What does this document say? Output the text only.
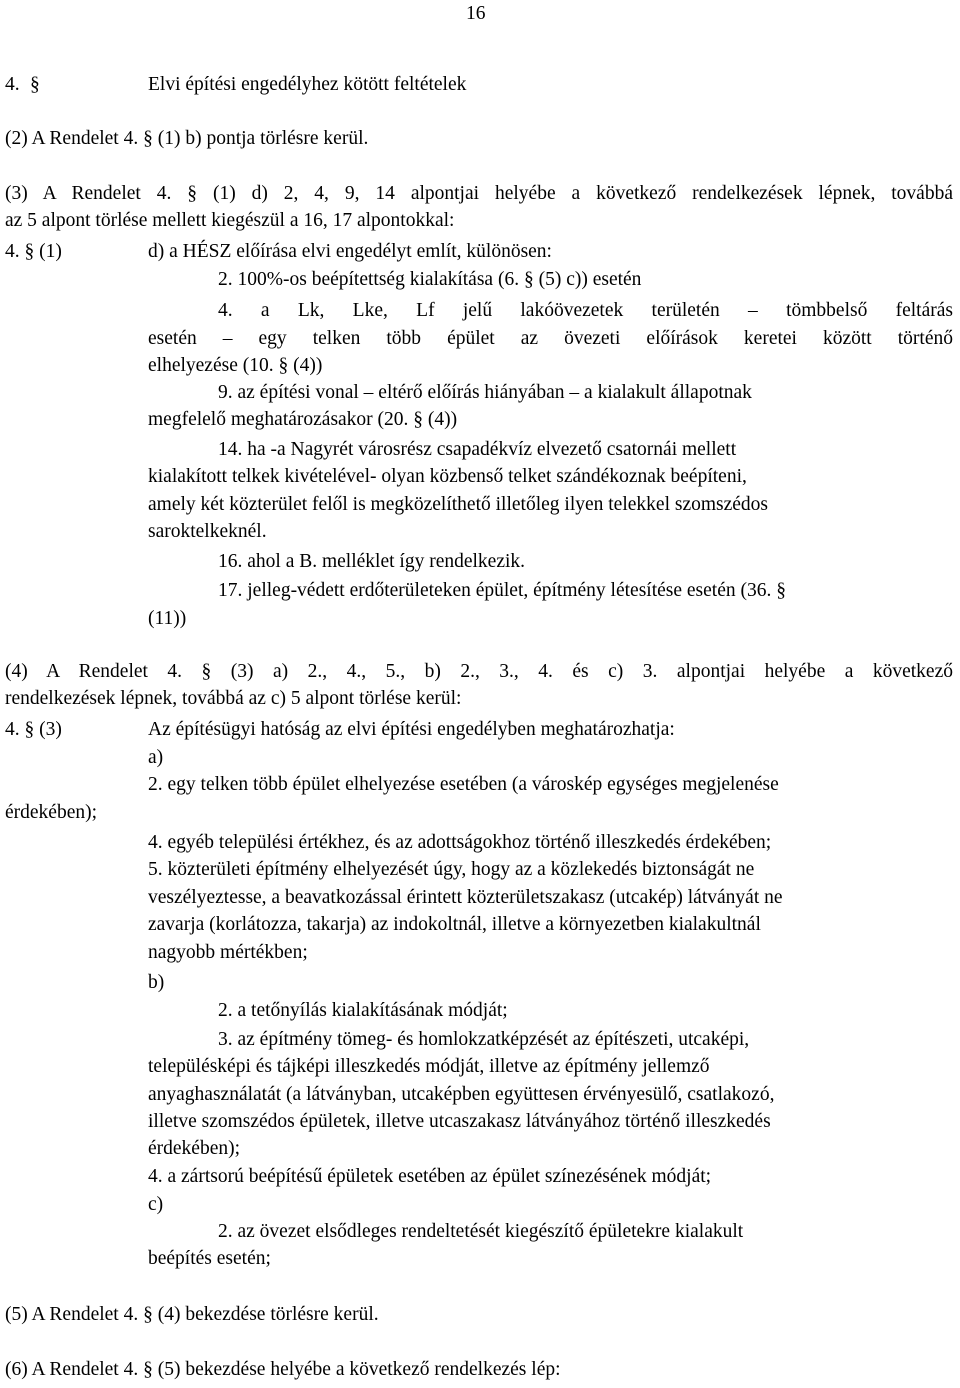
16
4. §	Elvi építési engedélyhez kötött feltételek
(2) A Rendelet 4. § (1) b) pontja törlésre kerül.
(3) A Rendelet 4. § (1) d) 2, 4, 9, 14 alpontjai helyébe a következő rendelkezések lépnek, továbbá
az 5 alpont törlése mellett kiegészül a 16, 17 alpontokkal:
4. § (1)	d) a HÉSZ előírása elvi engedélyt említ, különösen:
2. 100%-os beépítettség kialakítása (6. § (5) c)) esetén
4. a Lk, Lke, Lf jelű lakóövezetek területén – tömbbelső feltárás
esetén – egy telken több épület az övezeti előírások keretei között történő
elhelyezése (10. § (4))
9. az építési vonal – eltérő előírás hiányában – a kialakult állapotnak
megfelelő meghatározásakor (20. § (4))
14. ha -a Nagyrét városrész csapadékvíz elvezető csatornái mellett
kialakított telkek kivételével- olyan közbenső telket szándékoznak beépíteni,
amely két közterület felől is megközelíthető illetőleg ilyen telekkel szomszédos
saroktelkeknél.
16. ahol a B. melléklet így rendelkezik.
17. jelleg-védett erdőterületeken épület, építmény létesítése esetén (36. §
(11))
(4) A Rendelet 4. § (3) a) 2., 4., 5., b) 2., 3., 4. és c) 3. alpontjai helyébe a következő
rendelkezések lépnek, továbbá az c) 5 alpont törlése kerül:
4. § (3)	Az építésügyi hatóság az elvi építési engedélyben meghatározhatja:
a)
2. egy telken több épület elhelyezése esetében (a városkép egységes megjelenése
érdekében);
4. egyéb települési értékhez, és az adottságokhoz történő illeszkedés érdekében;
5. közterületi építmény elhelyezését úgy, hogy az a közlekedés biztonságát ne
veszélyeztesse, a beavatkozással érintett közterületszakasz (utcakép) látványát ne
zavarja (korlátozza, takarja) az indokoltnál, illetve a környezetben kialakultnál
nagyobb mértékben;
b)
2. a tetőnyílás kialakításának módját;
3. az építmény tömeg- és homlokzatképzését az építészeti, utcaképi,
településképi és tájképi illeszkedés módját, illetve az építmény jellemző
anyaghasználatát (a látványban, utcaképben együttesen érvényesülő, csatlakozó,
illetve szomszédos épületek, illetve utcaszakasz látványához történő illeszkedés
érdekében);
4. a zártsorú beépítésű épületek esetében az épület színezésének módját;
c)
2. az övezet elsődleges rendeltetését kiegészítő épületekre kialakult
beépítés esetén;
(5) A Rendelet 4. § (4) bekezdése törlésre kerül.
(6) A Rendelet 4. § (5) bekezdése helyébe a következő rendelkezés lép:
